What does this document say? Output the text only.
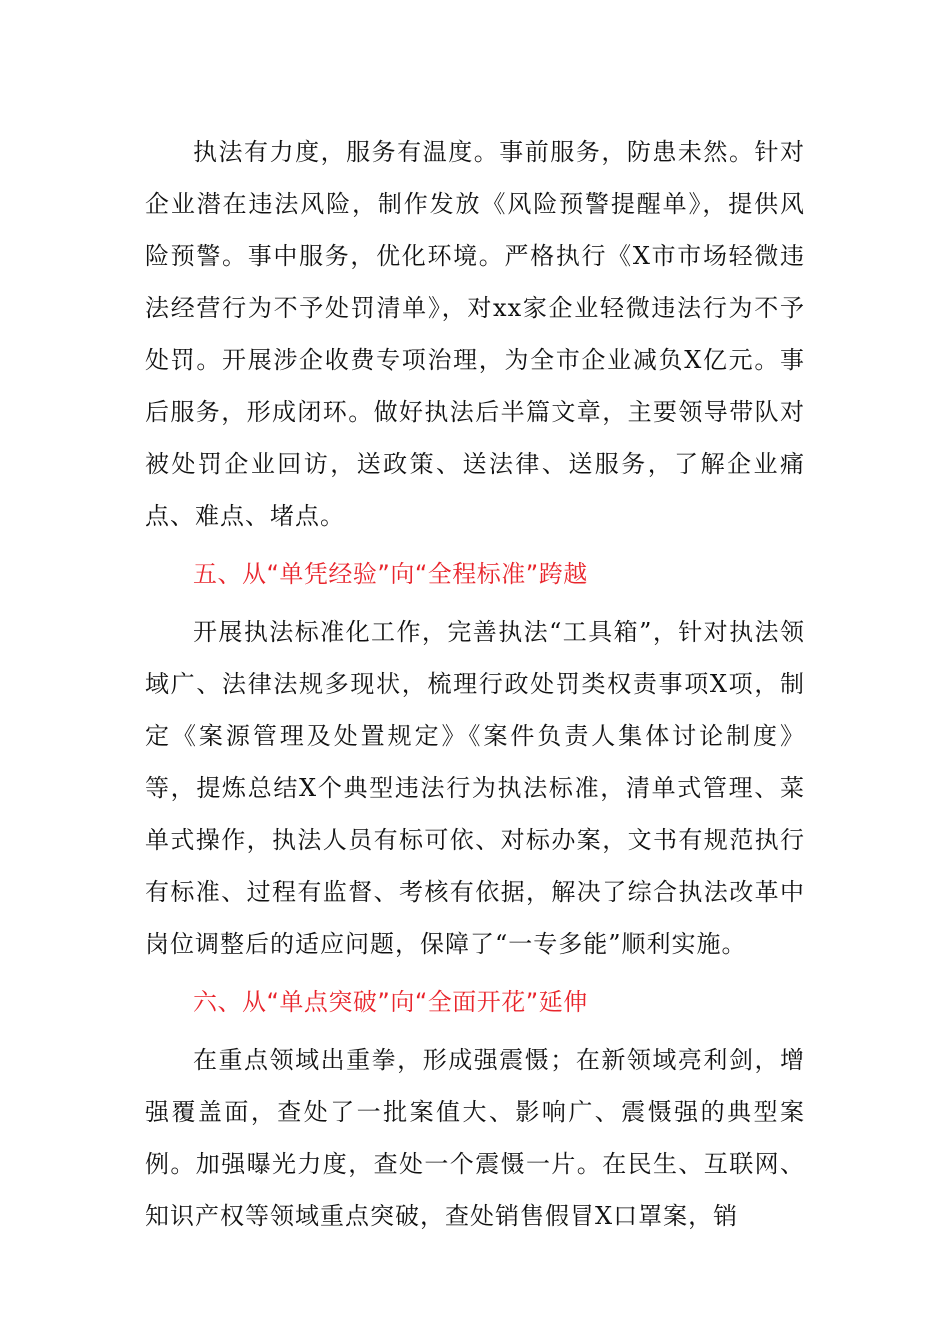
执法有力度，服务有温度。事前服务，防患未然。针对企业潜在违法风险，制作发放《风险预警提醒单》，提供风险预警。事中服务，优化环境。严格执行《X市市场轻微违法经营行为不予处罚清单》，对xx家企业轻微违法行为不予处罚。开展涉企收费专项治理，为全市企业减负X亿元。事后服务，形成闭环。做好执法后半篇文章，主要领导带队对被处罚企业回访，送政策、送法律、送服务，了解企业痛点、难点、堵点。

五、从“单凭经验”向“全程标准”跨越

开展执法标准化工作，完善执法“工具箱”，针对执法领域广、法律法规多现状，梳理行政处罚类权责事项X项，制定《案源管理及处置规定》《案件负责人集体讨论制度》等，提炼总结X个典型违法行为执法标准，清单式管理、菜单式操作，执法人员有标可依、对标办案，文书有规范执行有标准、过程有监督、考核有依据，解决了综合执法改革中岗位调整后的适应问题，保障了“一专多能”顺利实施。

六、从“单点突破”向“全面开花”延伸

在重点领域出重拳，形成强震慑；在新领域亮利剑，增强覆盖面，查处了一批案值大、影响广、震慑强的典型案例。加强曝光力度，查处一个震慑一片。在民生、互联网、知识产权等领域重点突破，查处销售假冒X口罩案，销
